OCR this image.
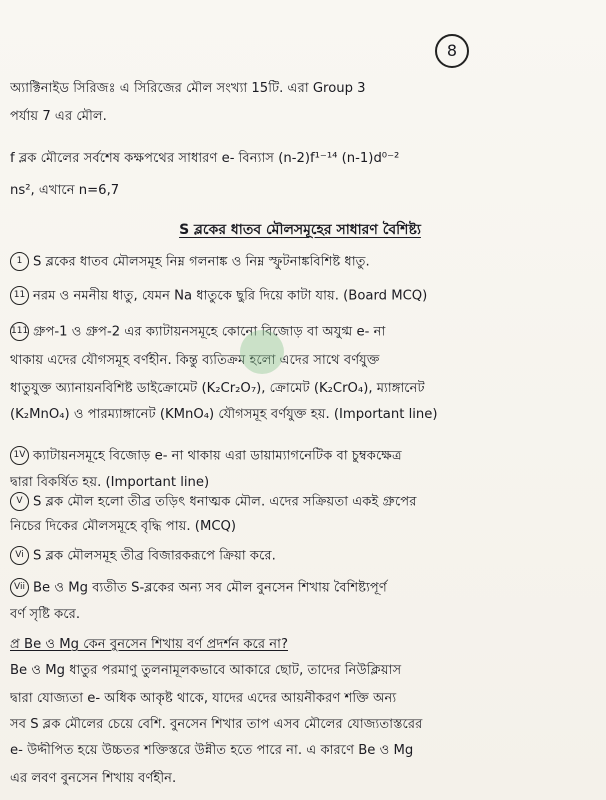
8
অ্যাক্টিনাইড সিরিজঃ এ সিরিজের মৌল সংখ্যা 15টি. এরা Group 3
পর্যায় 7 এর মৌল.
f ব্লক মৌলের সর্বশেষ কক্ষপথের সাধারণ e- বিন্যাস (n-2)f¹⁻¹⁴ (n-1)d⁰⁻²
ns², এখানে n=6,7
S ব্লকের ধাতব মৌলসমূহের সাধারণ বৈশিষ্ট্য
1 S ব্লকের ধাতব মৌলসমূহ নিম্ন গলনাঙ্ক ও নিম্ন স্ফুটনাঙ্কবিশিষ্ট ধাতু.
11 নরম ও নমনীয় ধাতু, যেমন Na ধাতুকে ছুরি দিয়ে কাটা যায়. (Board MCQ)
111 গ্রুপ-1 ও গ্রুপ-2 এর ক্যাটায়নসমূহে কোনো বিজোড় বা অযুগ্ম e- না
থাকায় এদের যৌগসমূহ বর্ণহীন. কিন্তু ব্যতিক্রম হলো এদের সাথে বর্ণযুক্ত
ধাতুযুক্ত অ্যানায়নবিশিষ্ট ডাইক্রোমেট (K₂Cr₂O₇), ক্রোমেট (K₂CrO₄), ম্যাঙ্গানেট
(K₂MnO₄) ও পারম্যাঙ্গানেট (KMnO₄) যৌগসমূহ বর্ণযুক্ত হয়. (Important line)
1V ক্যাটায়নসমূহে বিজোড় e- না থাকায় এরা ডায়াম্যাগনেটিক বা চুম্বকক্ষেত্র
দ্বারা বিকর্ষিত হয়. (Important line)
V S ব্লক মৌল হলো তীব্র তড়িৎ ধনাত্মক মৌল. এদের সক্রিয়তা একই গ্রুপের
নিচের দিকের মৌলসমূহে বৃদ্ধি পায়. (MCQ)
Vi S ব্লক মৌলসমূহ তীব্র বিজারকরূপে ক্রিয়া করে.
Vii Be ও Mg ব্যতীত S-ব্লকের অন্য সব মৌল বুনসেন শিখায় বৈশিষ্ট্যপূর্ণ
বর্ণ সৃষ্টি করে.
প্র Be ও Mg কেন বুনসেন শিখায় বর্ণ প্রদর্শন করে না?
Be ও Mg ধাতুর পরমাণু তুলনামূলকভাবে আকারে ছোট, তাদের নিউক্লিয়াস
দ্বারা যোজ্যতা e- অধিক আকৃষ্ট থাকে, যাদের এদের আয়নীকরণ শক্তি অন্য
সব S ব্লক মৌলের চেয়ে বেশি. বুনসেন শিখার তাপ এসব মৌলের যোজ্যতাস্তরের
e- উদ্দীপিত হয়ে উচ্চতর শক্তিস্তরে উন্নীত হতে পারে না. এ কারণে Be ও Mg
এর লবণ বুনসেন শিখায় বর্ণহীন.
